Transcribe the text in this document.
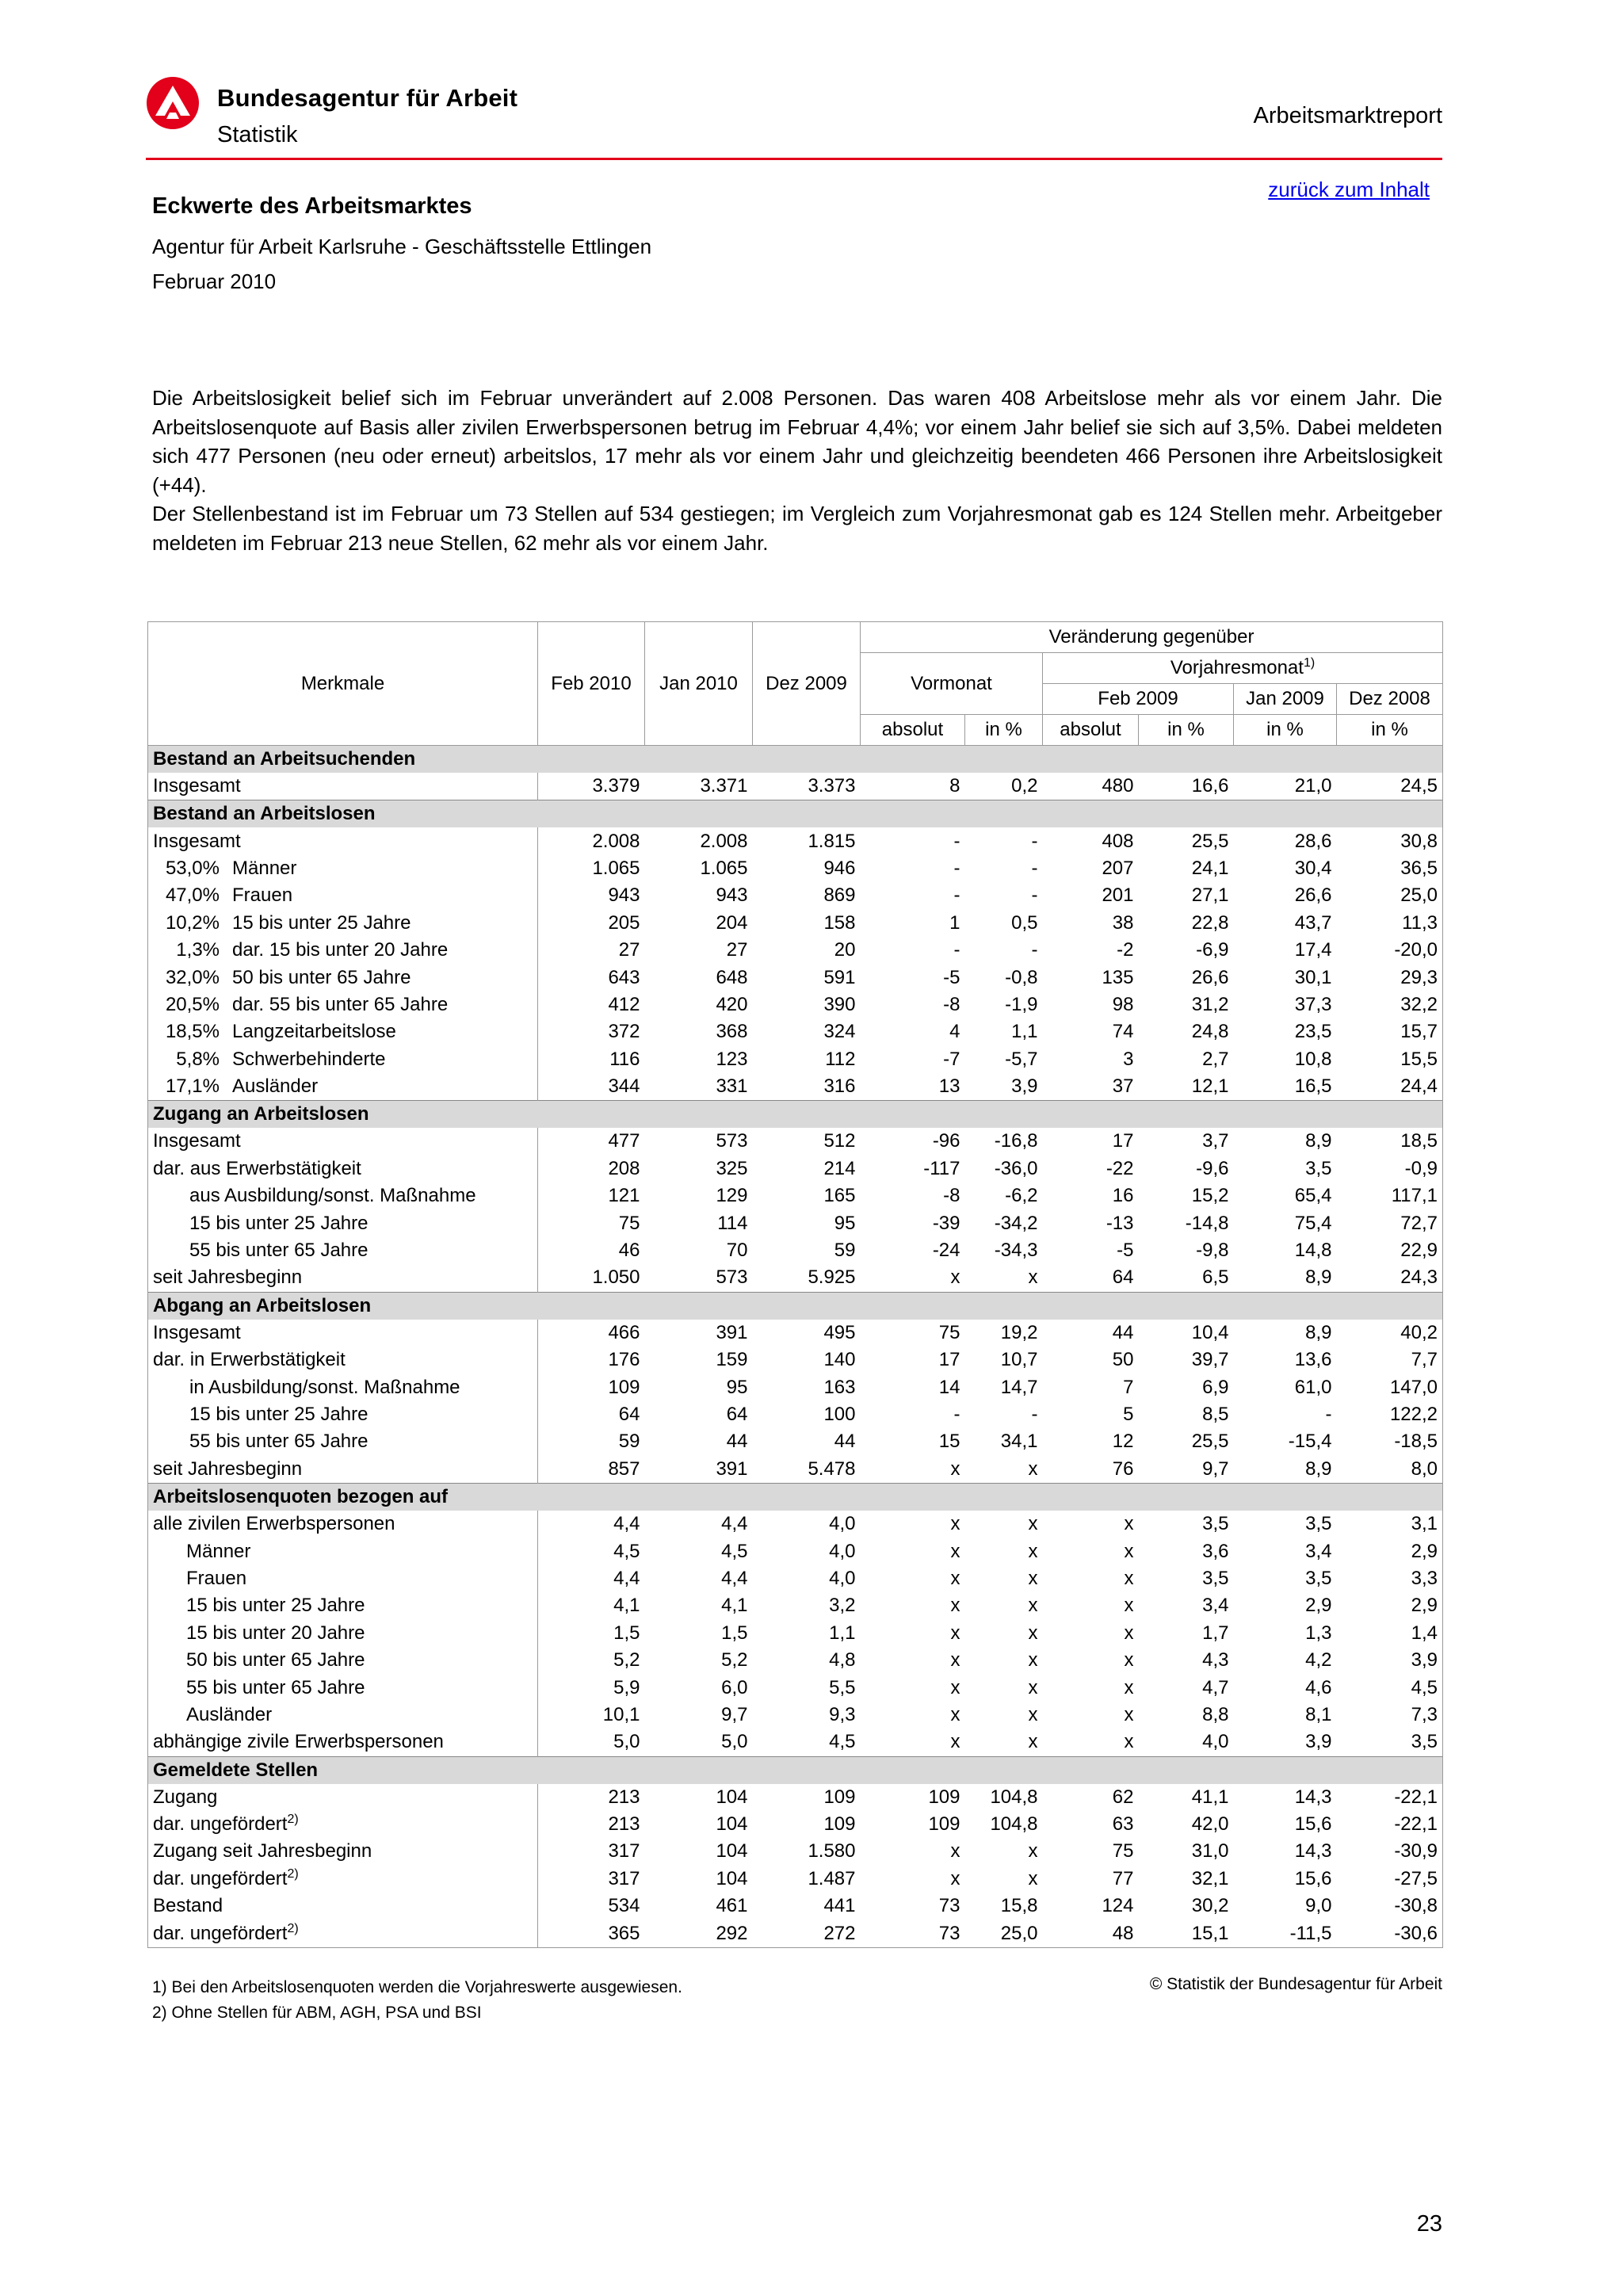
Bundesagentur für Arbeit
Statistik
Arbeitsmarktreport
zurück zum Inhalt
Eckwerte des Arbeitsmarktes
Agentur für Arbeit Karlsruhe - Geschäftsstelle Ettlingen
Februar 2010

Die Arbeitslosigkeit belief sich im Februar unverändert auf 2.008 Personen. Das waren 408 Arbeitslose mehr als vor einem Jahr. Die Arbeitslosenquote auf Basis aller zivilen Erwerbspersonen betrug im Februar 4,4%; vor einem Jahr belief sie sich auf 3,5%. Dabei meldeten sich 477 Personen (neu oder erneut) arbeitslos, 17 mehr als vor einem Jahr und gleichzeitig beendeten 466 Personen ihre Arbeitslosigkeit (+44).

Der Stellenbestand ist im Februar um 73 Stellen auf 534 gestiegen; im Vergleich zum Vorjahresmonat gab es 124 Stellen mehr. Arbeitgeber meldeten im Februar 213 neue Stellen, 62 mehr als vor einem Jahr.

Merkmale	Feb 2010	Jan 2010	Dez 2009	Veränderung gegenüber					
				Vormonat		Vorjahresmonat$^{1)}$
						Feb 2009		Jan 2009	Dez 2008
				absolut	in %	absolut	in %	in %	in %
Bestand an Arbeitsuchenden									
Insgesamt	3.379	3.371	3.373	8	0,2	480	16,6	21,0	24,5
Bestand an Arbeitslosen									
Insgesamt	2.008	2.008	1.815	-	-	408	25,5	28,6	30,8
53,0% Männer	1.065	1.065	946	-	-	207	24,1	30,4	36,5
47,0% Frauen	943	943	869	-	-	201	27,1	26,6	25,0
10,2% 15 bis unter 25 Jahre	205	204	158	1	0,5	38	22,8	43,7	11,3
1,3% dar. 15 bis unter 20 Jahre	27	27	20	-	-	-2	-6,9	17,4	-20,0
32,0% 50 bis unter 65 Jahre	643	648	591	-5	-0,8	135	26,6	30,1	29,3
20,5% dar. 55 bis unter 65 Jahre	412	420	390	-8	-1,9	98	31,2	37,3	32,2
18,5% Langzeitarbeitslose	372	368	324	4	1,1	74	24,8	23,5	15,7
5,8% Schwerbehinderte	116	123	112	-7	-5,7	3	2,7	10,8	15,5
17,1% Ausländer	344	331	316	13	3,9	37	12,1	16,5	24,4
Zugang an Arbeitslosen									
Insgesamt	477	573	512	-96	-16,8	17	3,7	8,9	18,5
dar. aus Erwerbstätigkeit	208	325	214	-117	-36,0	-22	-9,6	3,5	-0,9
aus Ausbildung/sonst. Maßnahme	121	129	165	-8	-6,2	16	15,2	65,4	117,1
15 bis unter 25 Jahre	75	114	95	-39	-34,2	-13	-14,8	75,4	72,7
55 bis unter 65 Jahre	46	70	59	-24	-34,3	-5	-9,8	14,8	22,9
seit Jahresbeginn	1.050	573	5.925	x	x	64	6,5	8,9	24,3
Abgang an Arbeitslosen									
Insgesamt	466	391	495	75	19,2	44	10,4	8,9	40,2
dar. in Erwerbstätigkeit	176	159	140	17	10,7	50	39,7	13,6	7,7
in Ausbildung/sonst. Maßnahme	109	95	163	14	14,7	7	6,9	61,0	147,0
15 bis unter 25 Jahre	64	64	100	-	-	5	8,5	-	122,2
55 bis unter 65 Jahre	59	44	44	15	34,1	12	25,5	-15,4	-18,5
seit Jahresbeginn	857	391	5.478	x	x	76	9,7	8,9	8,0
Arbeitslosenquoten bezogen auf									
alle zivilen Erwerbspersonen	4,4	4,4	4,0	x	x	x	3,5	3,5	3,1
Männer	4,5	4,5	4,0	x	x	x	3,6	3,4	2,9
Frauen	4,4	4,4	4,0	x	x	x	3,5	3,5	3,3
15 bis unter 25 Jahre	4,1	4,1	3,2	x	x	x	3,4	2,9	2,9
15 bis unter 20 Jahre	1,5	1,5	1,1	x	x	x	1,7	1,3	1,4
50 bis unter 65 Jahre	5,2	5,2	4,8	x	x	x	4,3	4,2	3,9
55 bis unter 65 Jahre	5,9	6,0	5,5	x	x	x	4,7	4,6	4,5
Ausländer	10,1	9,7	9,3	x	x	x	8,8	8,1	7,3
abhängige zivile Erwerbspersonen	5,0	5,0	4,5	x	x	x	4,0	3,9	3,5
Gemeldete Stellen									
Zugang	213	104	109	109	104,8	62	41,1	14,3	-22,1
dar. ungefördert$^{2)}$	213	104	109	109	104,8	63	42,0	15,6	-22,1
Zugang seit Jahresbeginn	317	104	1.580	x	x	75	31,0	14,3	-30,9
dar. ungefördert$^{2)}$	317	104	1.487	x	x	77	32,1	15,6	-27,5
Bestand	534	461	441	73	15,8	124	30,2	9,0	-30,8
dar. ungefördert$^{2)}$	365	292	272	73	25,0	48	15,1	-11,5	-30,6
1) Bei den Arbeitslosenquoten werden die Vorjahreswerte ausgewiesen.
2) Ohne Stellen für ABM, AGH, PSA und BSI
© Statistik der Bundesagentur für Arbeit
23
